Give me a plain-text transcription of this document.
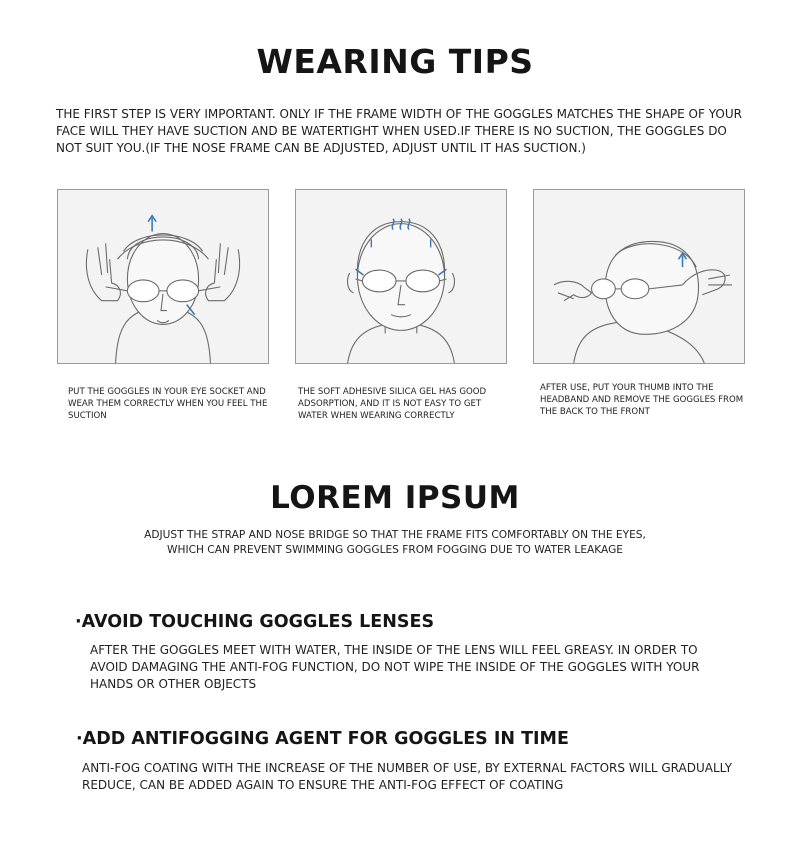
WEARING TIPS
THE FIRST STEP IS VERY IMPORTANT. ONLY IF THE FRAME WIDTH OF THE GOGGLES MATCHES THE SHAPE OF YOUR FACE WILL THEY HAVE SUCTION AND BE WATERTIGHT WHEN USED.IF THERE IS NO SUCTION, THE GOGGLES DO NOT SUIT YOU.(IF THE NOSE FRAME CAN BE ADJUSTED, ADJUST UNTIL IT HAS SUCTION.)
PUT THE GOGGLES IN YOUR EYE SOCKET AND WEAR THEM CORRECTLY WHEN YOU FEEL THE SUCTION
THE SOFT ADHESIVE SILICA GEL HAS GOOD ADSORPTION, AND IT IS NOT EASY TO GET WATER WHEN WEARING CORRECTLY
AFTER USE, PUT YOUR THUMB INTO THE HEADBAND AND REMOVE THE GOGGLES FROM THE BACK TO THE FRONT
LOREM IPSUM
ADJUST THE STRAP AND NOSE BRIDGE SO THAT THE FRAME FITS COMFORTABLY ON THE EYES,
WHICH CAN PREVENT SWIMMING GOGGLES FROM FOGGING DUE TO WATER LEAKAGE
·AVOID TOUCHING GOGGLES LENSES
AFTER THE GOGGLES MEET WITH WATER, THE INSIDE OF THE LENS WILL FEEL GREASY. IN ORDER TO AVOID DAMAGING THE ANTI-FOG FUNCTION, DO NOT WIPE THE INSIDE OF THE GOGGLES WITH YOUR HANDS OR OTHER OBJECTS
·ADD ANTIFOGGING AGENT FOR GOGGLES IN TIME
ANTI-FOG COATING WITH THE INCREASE OF THE NUMBER OF USE, BY EXTERNAL FACTORS WILL GRADUALLY REDUCE, CAN BE ADDED AGAIN TO ENSURE THE ANTI-FOG EFFECT OF COATING
